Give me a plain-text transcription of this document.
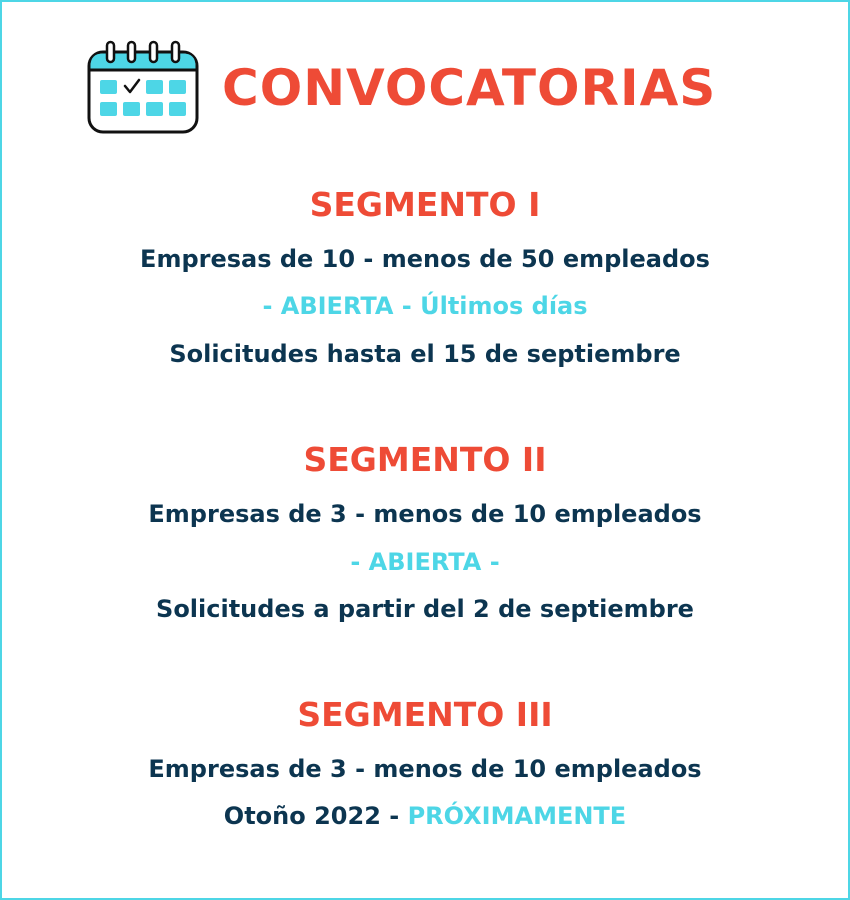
CONVOCATORIAS
SEGMENTO I
Empresas de 10 - menos de 50 empleados
- ABIERTA - Últimos días
Solicitudes hasta el 15 de septiembre
SEGMENTO II
Empresas de 3 - menos de 10 empleados
- ABIERTA -
Solicitudes a partir del 2 de septiembre
SEGMENTO III
Empresas de 3 - menos de 10 empleados
Otoño 2022 - PRÓXIMAMENTE
